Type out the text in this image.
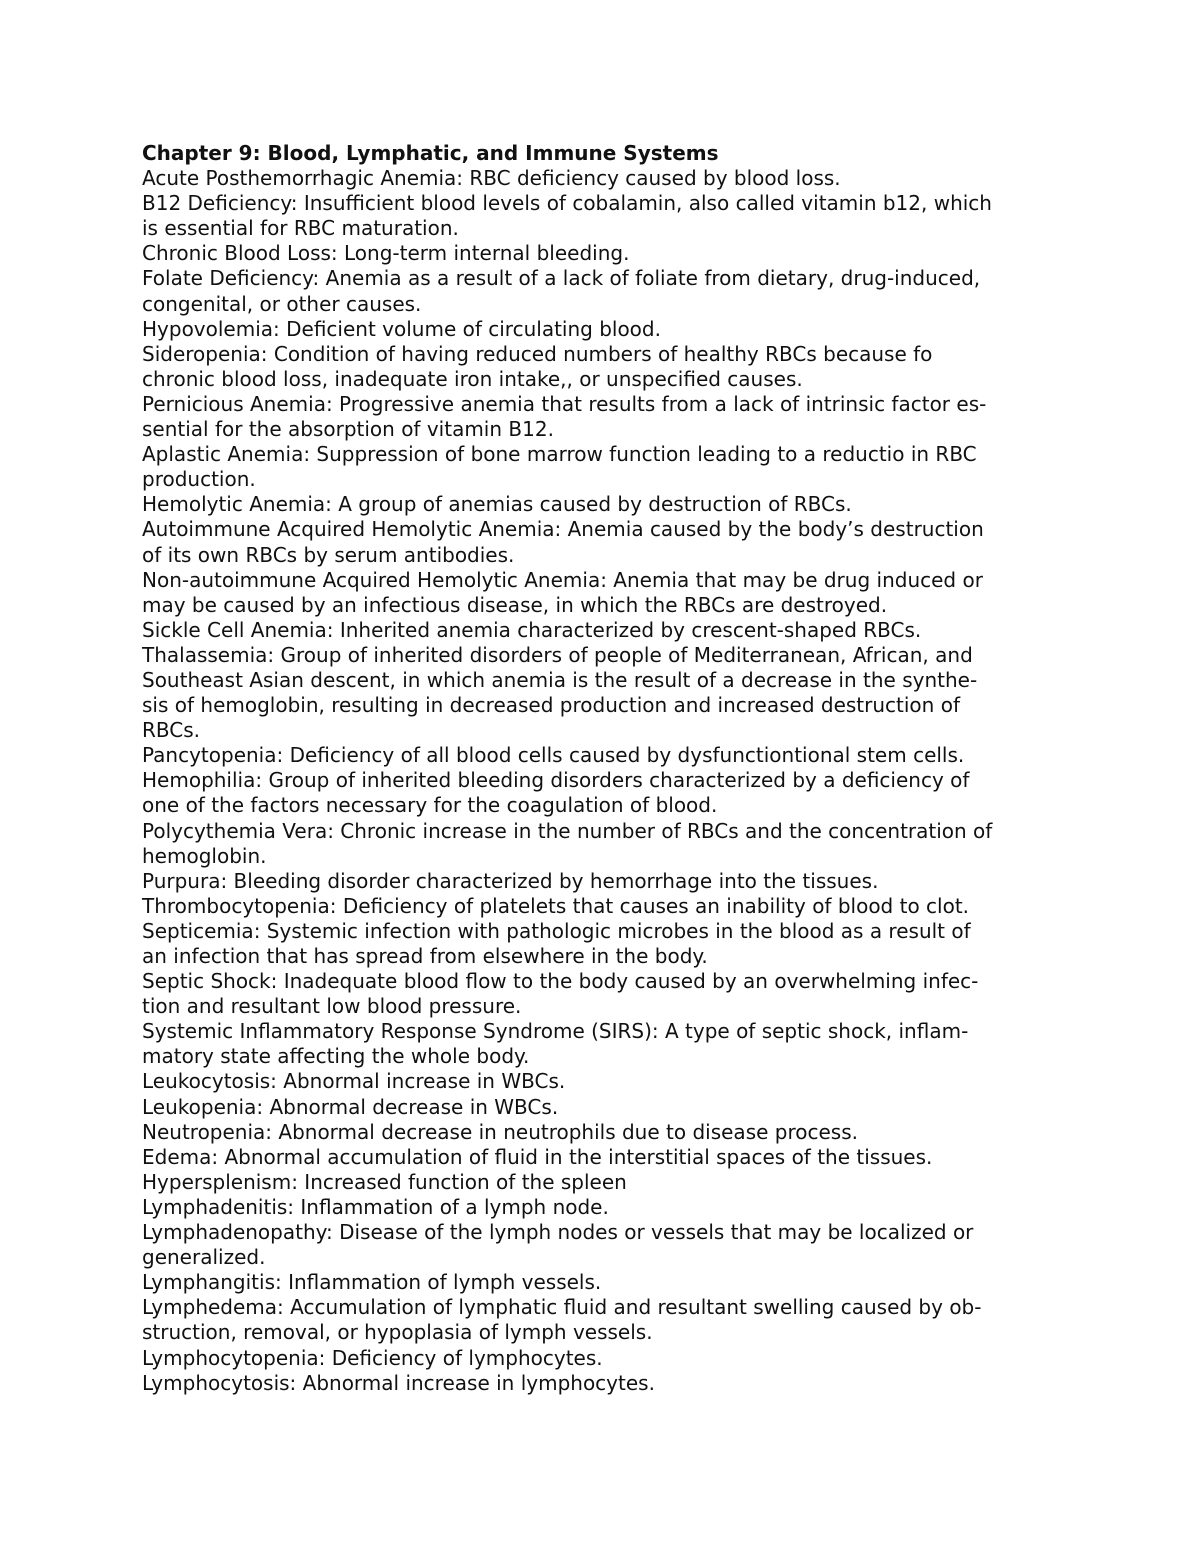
Chapter 9: Blood, Lymphatic, and Immune Systems

Acute Posthemorrhagic Anemia: RBC deficiency caused by blood loss.

B12 Deficiency: Insufficient blood levels of cobalamin, also called vitamin b12, which

is essential for RBC maturation.

Chronic Blood Loss: Long-term internal bleeding.

Folate Deficiency: Anemia as a result of a lack of foliate from dietary, drug-induced,

congenital, or other causes.

Hypovolemia: Deficient volume of circulating blood.

Sideropenia: Condition of having reduced numbers of healthy RBCs because fo

chronic blood loss, inadequate iron intake,, or unspecified causes.

Pernicious Anemia: Progressive anemia that results from a lack of intrinsic factor es-

sential for the absorption of vitamin B12.

Aplastic Anemia: Suppression of bone marrow function leading to a reductio in RBC

production.

Hemolytic Anemia: A group of anemias caused by destruction of RBCs.

Autoimmune Acquired Hemolytic Anemia: Anemia caused by the body’s destruction

of its own RBCs by serum antibodies.

Non-autoimmune Acquired Hemolytic Anemia: Anemia that may be drug induced or

may be caused by an infectious disease, in which the RBCs are destroyed.

Sickle Cell Anemia: Inherited anemia characterized by crescent-shaped RBCs.

Thalassemia: Group of inherited disorders of people of Mediterranean, African, and

Southeast Asian descent, in which anemia is the result of a decrease in the synthe-

sis of hemoglobin, resulting in decreased production and increased destruction of

RBCs.

Pancytopenia: Deficiency of all blood cells caused by dysfunctiontional stem cells.

Hemophilia: Group of inherited bleeding disorders characterized by a deficiency of

one of the factors necessary for the coagulation of blood.

Polycythemia Vera: Chronic increase in the number of RBCs and the concentration of

hemoglobin.

Purpura: Bleeding disorder characterized by hemorrhage into the tissues.

Thrombocytopenia: Deficiency of platelets that causes an inability of blood to clot.

Septicemia: Systemic infection with pathologic microbes in the blood as a result of

an infection that has spread from elsewhere in the body.

Septic Shock: Inadequate blood flow to the body caused by an overwhelming infec-

tion and resultant low blood pressure.

Systemic Inflammatory Response Syndrome (SIRS): A type of septic shock, inflam-

matory state affecting the whole body.

Leukocytosis: Abnormal increase in WBCs.

Leukopenia: Abnormal decrease in WBCs.

Neutropenia: Abnormal decrease in neutrophils due to disease process.

Edema: Abnormal accumulation of fluid in the interstitial spaces of the tissues.

Hypersplenism: Increased function of the spleen

Lymphadenitis: Inflammation of a lymph node.

Lymphadenopathy: Disease of the lymph nodes or vessels that may be localized or

generalized.

Lymphangitis: Inflammation of lymph vessels.

Lymphedema: Accumulation of lymphatic fluid and resultant swelling caused by ob-

struction, removal, or hypoplasia of lymph vessels.

Lymphocytopenia: Deficiency of lymphocytes.

Lymphocytosis: Abnormal increase in lymphocytes.
